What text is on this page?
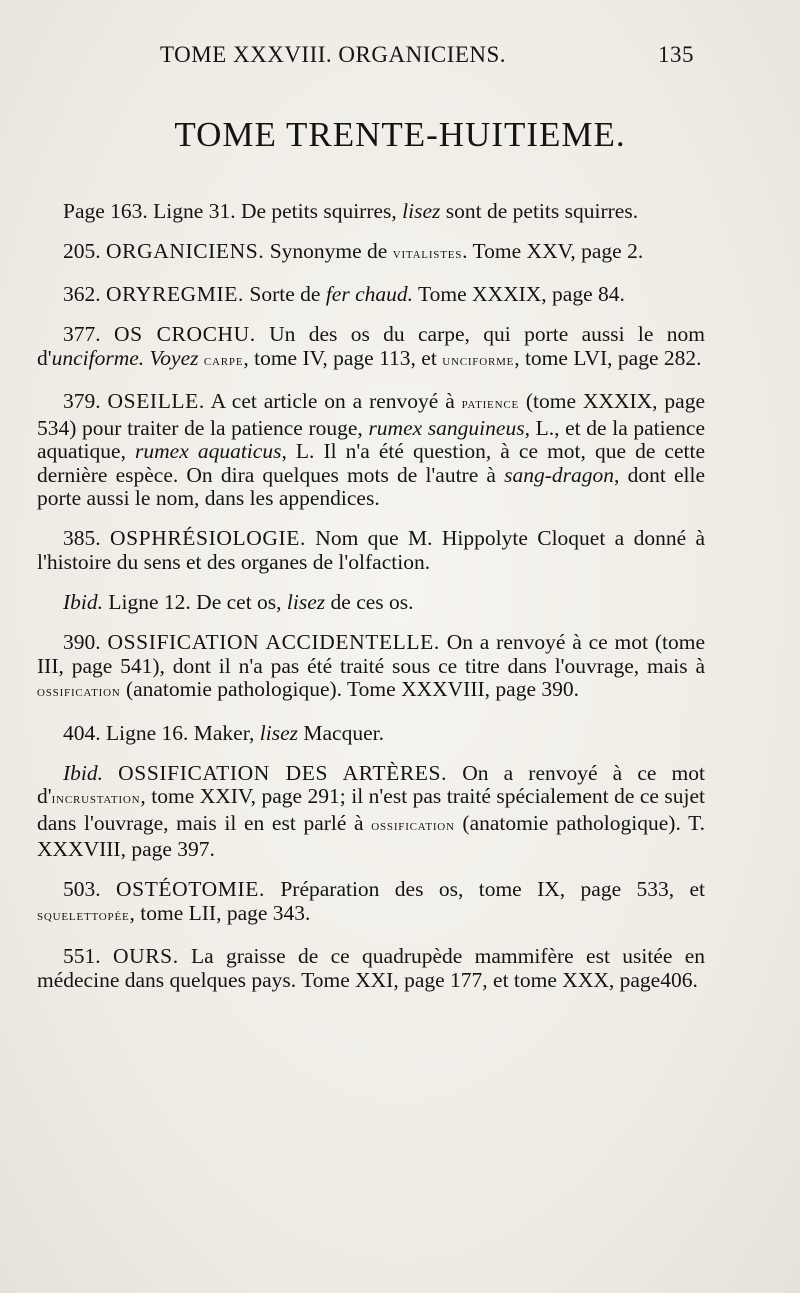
TOME XXXVIII. ORGANICIENS.	135
TOME TRENTE-HUITIEME.

Page 163. Ligne 31. De petits squirres, lisez sont de petits squirres.

205. ORGANICIENS. Synonyme de vitalistes. Tome XXV, page 2.

362. ORYREGMIE. Sorte de fer chaud. Tome XXXIX, page 84.

377. OS CROCHU. Un des os du carpe, qui porte aussi le nom d'unciforme. Voyez carpe, tome IV, page 113, et unciforme, tome LVI, page 282.

379. OSEILLE. A cet article on a renvoyé à patience (tome XXXIX, page 534) pour traiter de la patience rouge, rumex sanguineus, L., et de la patience aquatique, rumex aquaticus, L. Il n'a été question, à ce mot, que de cette dernière espèce. On dira quelques mots de l'autre à sang-dragon, dont elle porte aussi le nom, dans les appendices.

385. OSPHRÉSIOLOGIE. Nom que M. Hippolyte Cloquet a donné à l'histoire du sens et des organes de l'olfaction.

Ibid. Ligne 12. De cet os, lisez de ces os.

390. OSSIFICATION ACCIDENTELLE. On a renvoyé à ce mot (tome III, page 541), dont il n'a pas été traité sous ce titre dans l'ouvrage, mais à ossification (anatomie pathologique). Tome XXXVIII, page 390.

404. Ligne 16. Maker, lisez Macquer.

Ibid. OSSIFICATION DES ARTÈRES. On a renvoyé à ce mot d'incrustation, tome XXIV, page 291; il n'est pas traité spécialement de ce sujet dans l'ouvrage, mais il en est parlé à ossification (anatomie pathologique). T. XXXVIII, page 397.

503. OSTÉOTOMIE. Préparation des os, tome IX, page 533, et squelettopée, tome LII, page 343.

551. OURS. La graisse de ce quadrupède mammifère est usitée en médecine dans quelques pays. Tome XXI, page 177, et tome XXX, page406.
